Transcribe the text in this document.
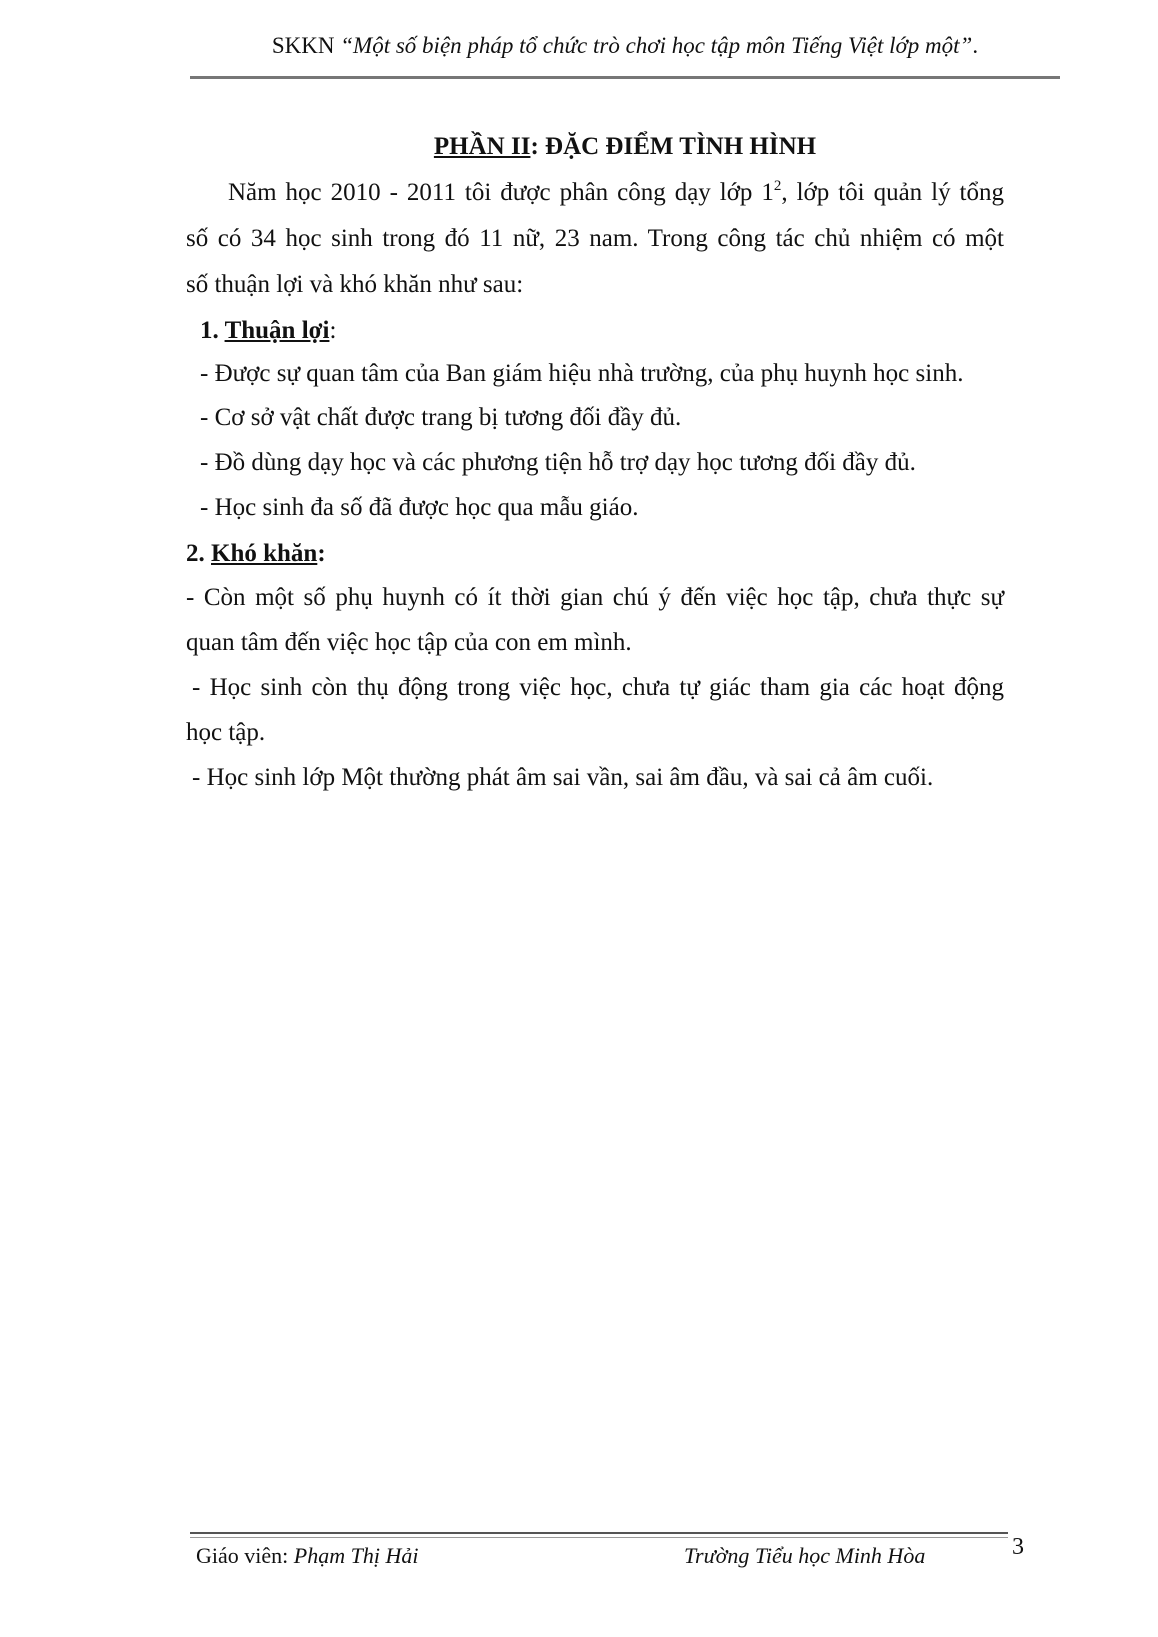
SKKN “Một số biện pháp tổ chức trò chơi học tập môn Tiếng Việt lớp một”.
PHẦN II: ĐẶC ĐIỂM TÌNH HÌNH
Năm học 2010 - 2011 tôi được phân công dạy lớp $1^2$, lớp tôi quản lý tổng
số có 34 học sinh trong đó 11 nữ, 23 nam. Trong công tác chủ nhiệm có một
số thuận lợi và khó khăn như sau:
1. Thuận lợi:
- Được sự quan tâm của Ban giám hiệu nhà trường, của phụ huynh học sinh.
- Cơ sở vật chất được trang bị tương đối đầy đủ.
- Đồ dùng dạy học và các phương tiện hỗ trợ dạy học tương đối đầy đủ.
- Học sinh đa số đã được học qua mẫu giáo.
2. Khó khăn:
- Còn một số phụ huynh có ít thời gian chú ý đến việc học tập, chưa thực sự
quan tâm đến việc học tập của con em mình.
- Học sinh còn thụ động trong việc học, chưa tự giác tham gia các hoạt động
học tập.
- Học sinh lớp Một thường phát âm sai vần, sai âm đầu, và sai cả âm cuối.
Giáo viên: Phạm Thị Hải	Trường Tiểu học Minh Hòa	3
